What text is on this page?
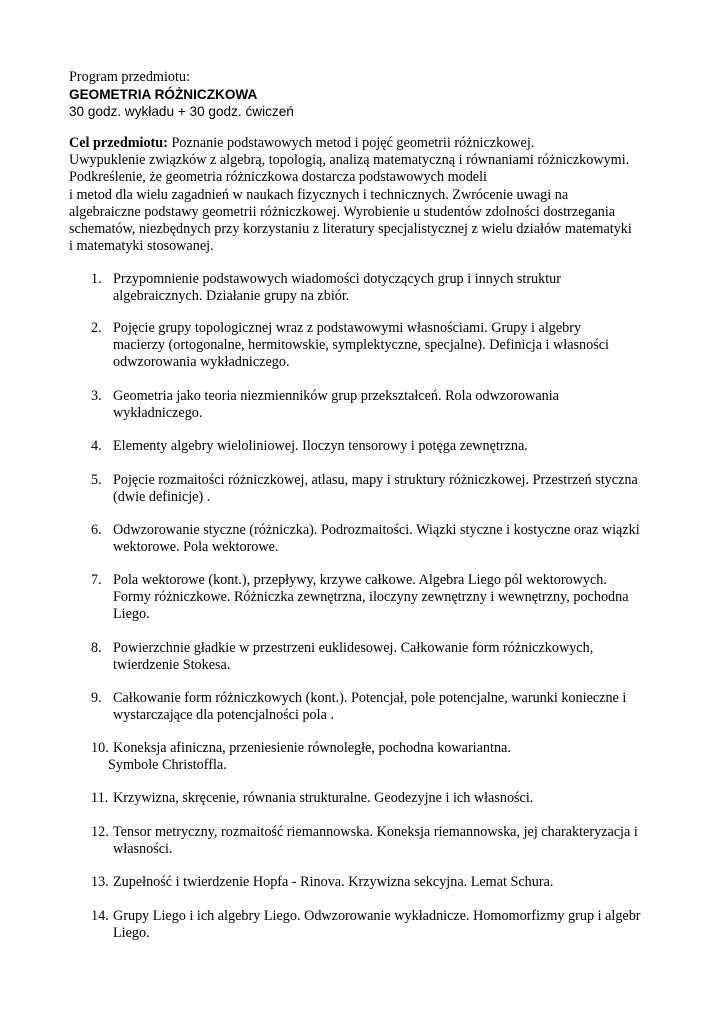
Program przedmiotu:
GEOMETRIA RÓŻNICZKOWA
30 godz. wykładu + 30 godz. ćwiczeń
Cel przedmiotu: Poznanie podstawowych metod i pojęć geometrii różniczkowej.
Uwypuklenie związków z algebrą, topologią, analizą matematyczną i równaniami różniczkowymi.
Podkreślenie, że geometria różniczkowa dostarcza podstawowych modeli
i metod dla wielu zagadnień w naukach fizycznych i technicznych. Zwrócenie uwagi na
algebraiczne podstawy geometrii różniczkowej. Wyrobienie u studentów zdolności dostrzegania
schematów, niezbędnych przy korzystaniu z literatury specjalistycznej z wielu działów matematyki
i matematyki stosowanej.
1. Przypomnienie podstawowych wiadomości dotyczących grup i innych struktur
algebraicznych. Działanie grupy na zbiór.
2. Pojęcie grupy topologicznej wraz z podstawowymi własnościami. Grupy i algebry
macierzy (ortogonalne, hermitowskie, symplektyczne, specjalne). Definicja i własności
odwzorowania wykładniczego.
3. Geometria jako teoria niezmienników grup przekształceń. Rola odwzorowania
wykładniczego.
4. Elementy algebry wieloliniowej. Iloczyn tensorowy i potęga zewnętrzna.
5. Pojęcie rozmaitości różniczkowej, atlasu, mapy i struktury różniczkowej. Przestrzeń styczna
(dwie definicje) .
6. Odwzorowanie styczne (różniczka). Podrozmaitości. Wiązki styczne i kostyczne oraz wiązki
wektorowe. Pola wektorowe.
7. Pola wektorowe (kont.), przepływy, krzywe całkowe. Algebra Liego pól wektorowych.
Formy różniczkowe. Różniczka zewnętrzna, iloczyny zewnętrzny i wewnętrzny, pochodna
Liego.
8. Powierzchnie gładkie w przestrzeni euklidesowej. Całkowanie form różniczkowych,
twierdzenie Stokesa.
9. Całkowanie form różniczkowych (kont.). Potencjał, pole potencjalne, warunki konieczne i
wystarczające dla potencjalności pola .
10. Koneksja afiniczna, przeniesienie równoległe, pochodna kowariantna.
Symbole Christoffla.
11. Krzywizna, skręcenie, równania strukturalne. Geodezyjne i ich własności.
12. Tensor metryczny, rozmaitość riemannowska. Koneksja riemannowska, jej charakteryzacja i
własności.
13. Zupełność i twierdzenie Hopfa - Rinova. Krzywizna sekcyjna. Lemat Schura.
14. Grupy Liego i ich algebry Liego. Odwzorowanie wykładnicze. Homomorfizmy grup i algebr
Liego.
